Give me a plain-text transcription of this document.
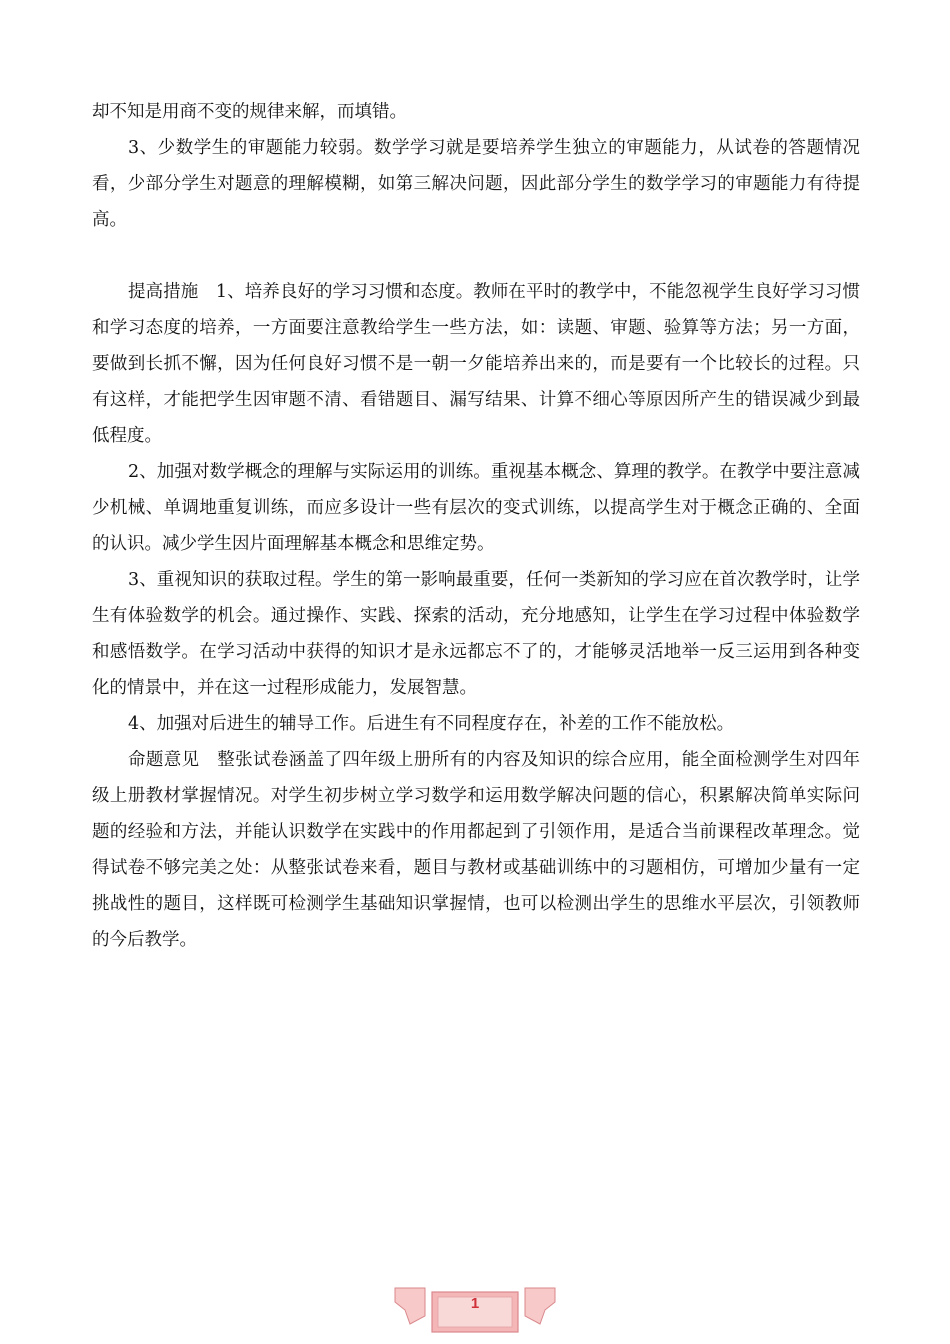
却不知是用商不变的规律来解，而填错。

3、少数学生的审题能力较弱。数学学习就是要培养学生独立的审题能力，从试卷的答题情况看，少部分学生对题意的理解模糊，如第三解决问题，因此部分学生的数学学习的审题能力有待提高。

提高措施　1、培养良好的学习习惯和态度。教师在平时的教学中，不能忽视学生良好学习习惯和学习态度的培养，一方面要注意教给学生一些方法，如：读题、审题、验算等方法；另一方面，要做到长抓不懈，因为任何良好习惯不是一朝一夕能培养出来的，而是要有一个比较长的过程。只有这样，才能把学生因审题不清、看错题目、漏写结果、计算不细心等原因所产生的错误减少到最低程度。

2、加强对数学概念的理解与实际运用的训练。重视基本概念、算理的教学。在教学中要注意减少机械、单调地重复训练，而应多设计一些有层次的变式训练，以提高学生对于概念正确的、全面的认识。减少学生因片面理解基本概念和思维定势。

3、重视知识的获取过程。学生的第一影响最重要，任何一类新知的学习应在首次教学时，让学生有体验数学的机会。通过操作、实践、探索的活动，充分地感知，让学生在学习过程中体验数学和感悟数学。在学习活动中获得的知识才是永远都忘不了的，才能够灵活地举一反三运用到各种变化的情景中，并在这一过程形成能力，发展智慧。

4、加强对后进生的辅导工作。后进生有不同程度存在，补差的工作不能放松。

命题意见　整张试卷涵盖了四年级上册所有的内容及知识的综合应用，能全面检测学生对四年级上册教材掌握情况。对学生初步树立学习数学和运用数学解决问题的信心，积累解决简单实际问题的经验和方法，并能认识数学在实践中的作用都起到了引领作用，是适合当前课程改革理念。觉得试卷不够完美之处：从整张试卷来看，题目与教材或基础训练中的习题相仿，可增加少量有一定挑战性的题目，这样既可检测学生基础知识掌握情，也可以检测出学生的思维水平层次，引领教师的今后教学。

1
